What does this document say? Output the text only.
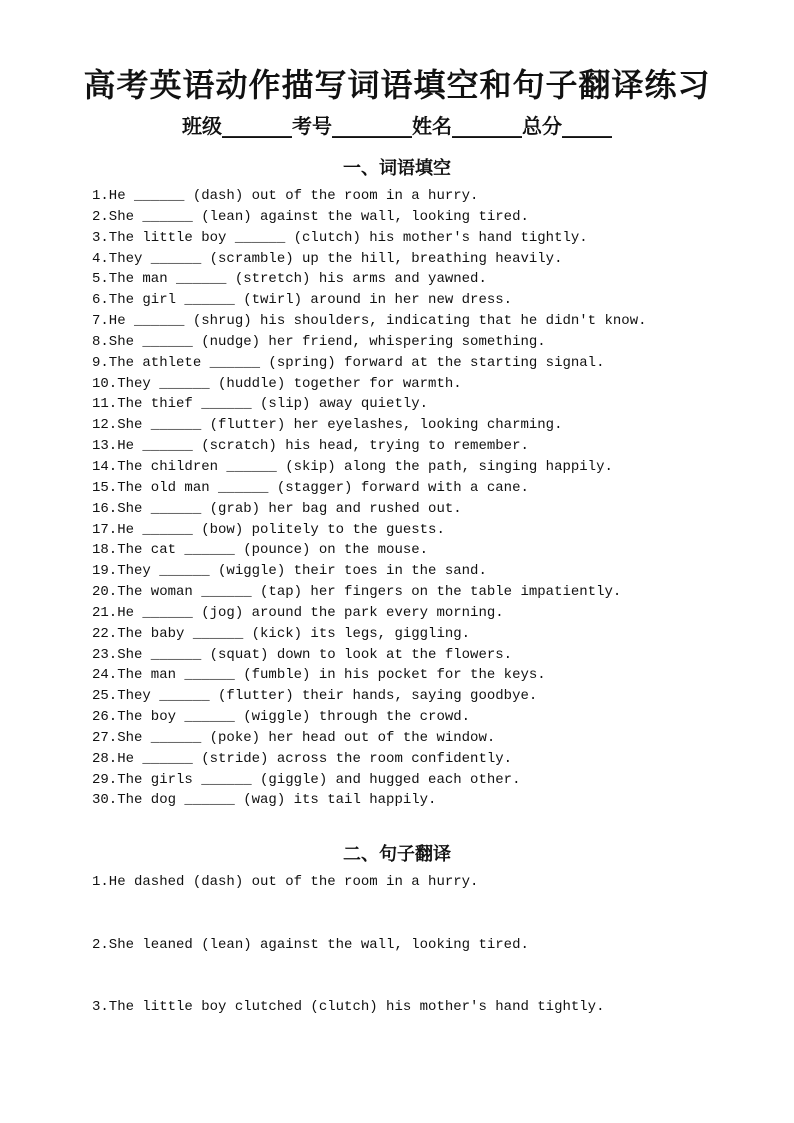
高考英语动作描写词语填空和句子翻译练习
班级_______考号________姓名_______总分_____
一、词语填空
1.He ______ (dash) out of the room in a hurry.
2.She ______ (lean) against the wall, looking tired.
3.The little boy ______ (clutch) his mother's hand tightly.
4.They ______ (scramble) up the hill, breathing heavily.
5.The man ______ (stretch) his arms and yawned.
6.The girl ______ (twirl) around in her new dress.
7.He ______ (shrug) his shoulders, indicating that he didn't know.
8.She ______ (nudge) her friend, whispering something.
9.The athlete ______ (spring) forward at the starting signal.
10.They ______ (huddle) together for warmth.
11.The thief ______ (slip) away quietly.
12.She ______ (flutter) her eyelashes, looking charming.
13.He ______ (scratch) his head, trying to remember.
14.The children ______ (skip) along the path, singing happily.
15.The old man ______ (stagger) forward with a cane.
16.She ______ (grab) her bag and rushed out.
17.He ______ (bow) politely to the guests.
18.The cat ______ (pounce) on the mouse.
19.They ______ (wiggle) their toes in the sand.
20.The woman ______ (tap) her fingers on the table impatiently.
21.He ______ (jog) around the park every morning.
22.The baby ______ (kick) its legs, giggling.
23.She ______ (squat) down to look at the flowers.
24.The man ______ (fumble) in his pocket for the keys.
25.They ______ (flutter) their hands, saying goodbye.
26.The boy ______ (wiggle) through the crowd.
27.She ______ (poke) her head out of the window.
28.He ______ (stride) across the room confidently.
29.The girls ______ (giggle) and hugged each other.
30.The dog ______ (wag) its tail happily.
二、句子翻译
1.He dashed (dash) out of the room in a hurry.
2.She leaned (lean) against the wall, looking tired.
3.The little boy clutched (clutch) his mother's hand tightly.
